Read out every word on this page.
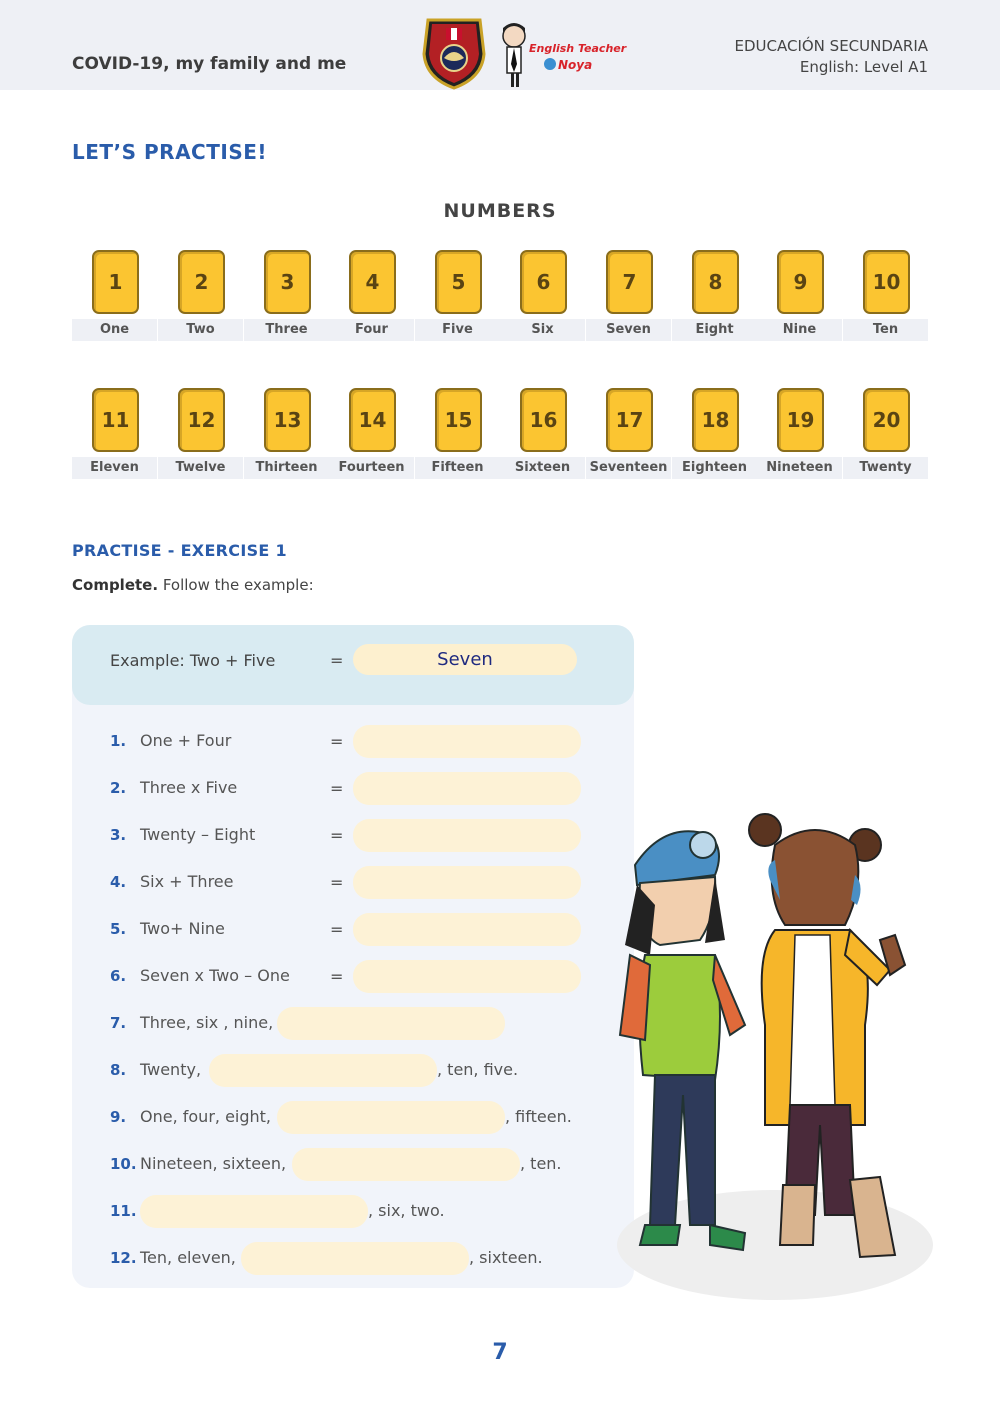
COVID-19, my family and me
English Teacher
Noya
EDUCACIÓN SECUNDARIA
English: Level A1
LET’S PRACTISE!
NUMBERS
1
One
2
Two
3
Three
4
Four
5
Five
6
Six
7
Seven
8
Eight
9
Nine
10
Ten
11
Eleven
12
Twelve
13
Thirteen
14
Fourteen
15
Fifteen
16
Sixteen
17
Seventeen
18
Eighteen
19
Nineteen
20
Twenty
PRACTISE - EXERCISE 1
Complete. Follow the example:
Example: Two + Five	=	Seven
1. One + Four	=
2. Three x Five	=
3. Twenty – Eight	=
4. Six + Three	=
5. Two+ Nine	=
6. Seven x Two – One	=
7. Three, six , nine,
8. Twenty,	, ten, five.
9. One, four, eight,	, fifteen.
10. Nineteen, sixteen,	, ten.
11.	, six, two.
12. Ten, eleven,	, sixteen.
7
